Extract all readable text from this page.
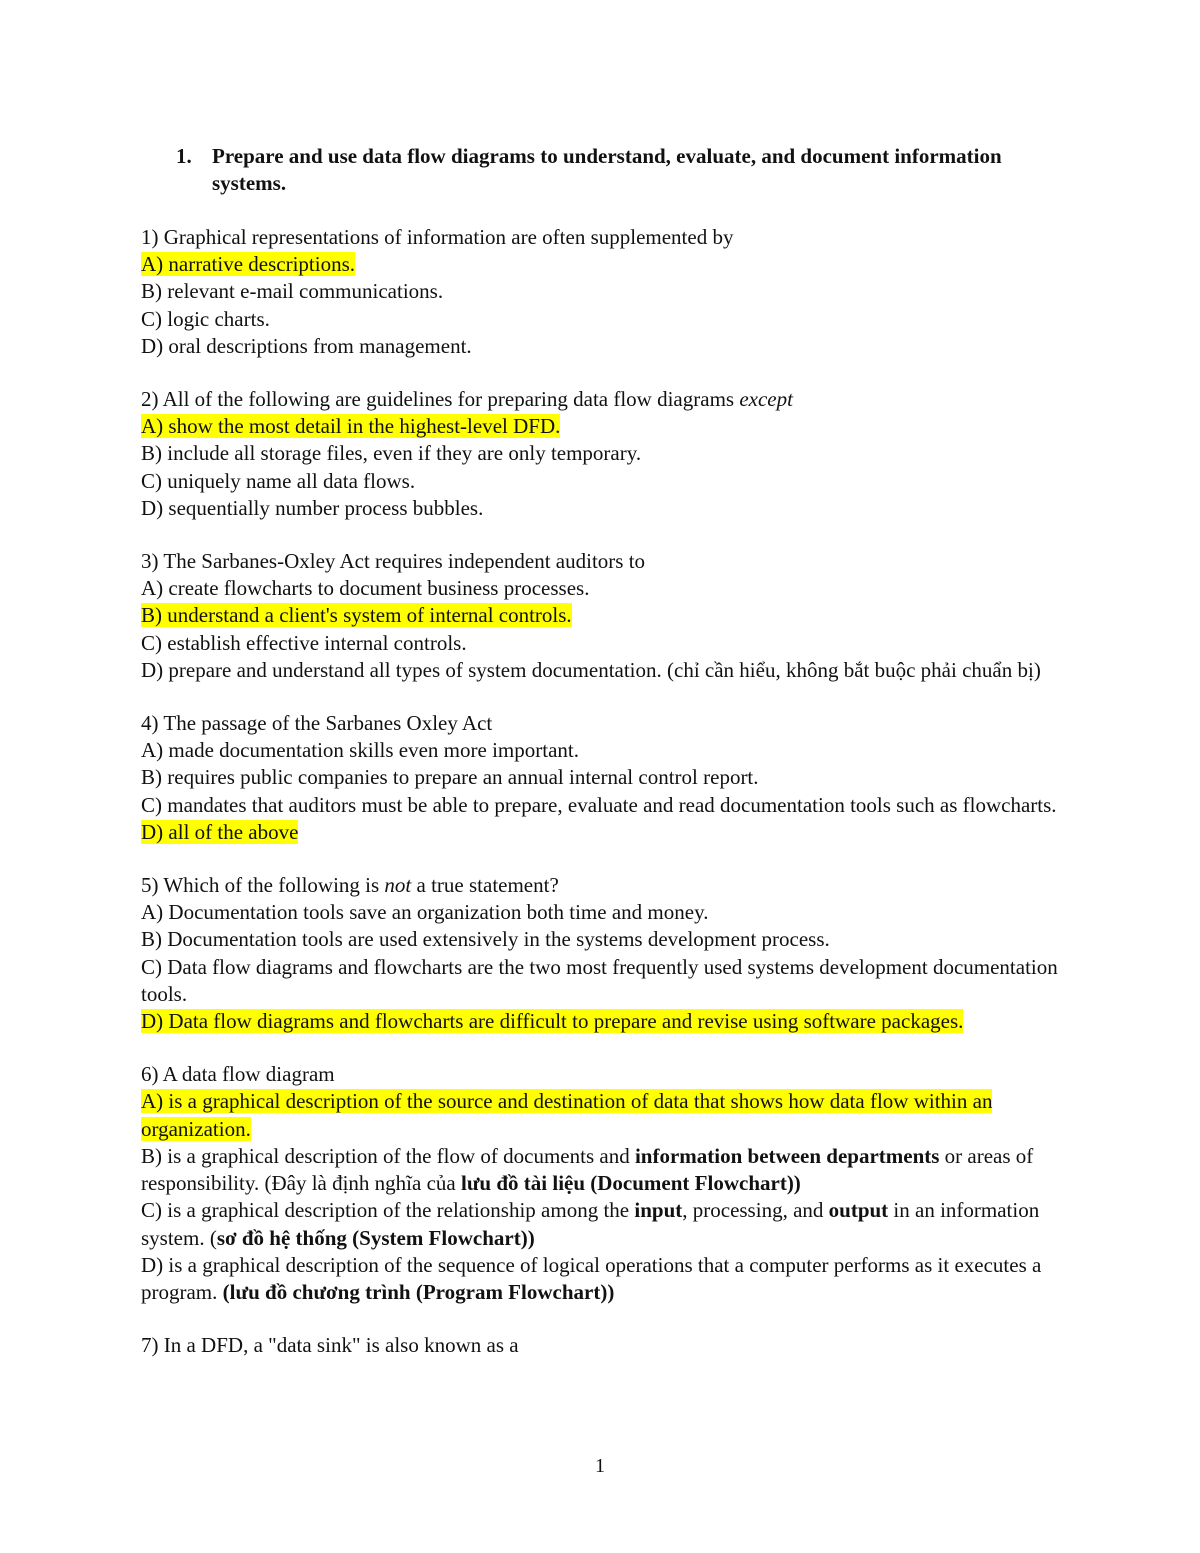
1. Prepare and use data flow diagrams to understand, evaluate, and document information systems.
1) Graphical representations of information are often supplemented by
A) narrative descriptions.
B) relevant e-mail communications.
C) logic charts.
D) oral descriptions from management.
2) All of the following are guidelines for preparing data flow diagrams except
A) show the most detail in the highest-level DFD.
B) include all storage files, even if they are only temporary.
C) uniquely name all data flows.
D) sequentially number process bubbles.
3) The Sarbanes-Oxley Act requires independent auditors to
A) create flowcharts to document business processes.
B) understand a client's system of internal controls.
C) establish effective internal controls.
D) prepare and understand all types of system documentation. (chỉ cần hiểu, không bắt buộc phải chuẩn bị)
4) The passage of the Sarbanes Oxley Act
A) made documentation skills even more important.
B) requires public companies to prepare an annual internal control report.
C) mandates that auditors must be able to prepare, evaluate and read documentation tools such as flowcharts.
D) all of the above
5) Which of the following is not a true statement?
A) Documentation tools save an organization both time and money.
B) Documentation tools are used extensively in the systems development process.
C) Data flow diagrams and flowcharts are the two most frequently used systems development documentation tools.
D) Data flow diagrams and flowcharts are difficult to prepare and revise using software packages.
6) A data flow diagram
A) is a graphical description of the source and destination of data that shows how data flow within an organization.
B) is a graphical description of the flow of documents and information between departments or areas of responsibility. (Đây là định nghĩa của lưu đồ tài liệu (Document Flowchart))
C) is a graphical description of the relationship among the input, processing, and output in an information system. (sơ đồ hệ thống (System Flowchart))
D) is a graphical description of the sequence of logical operations that a computer performs as it executes a program. (lưu đồ chương trình (Program Flowchart))
7) In a DFD, a "data sink" is also known as a
1
